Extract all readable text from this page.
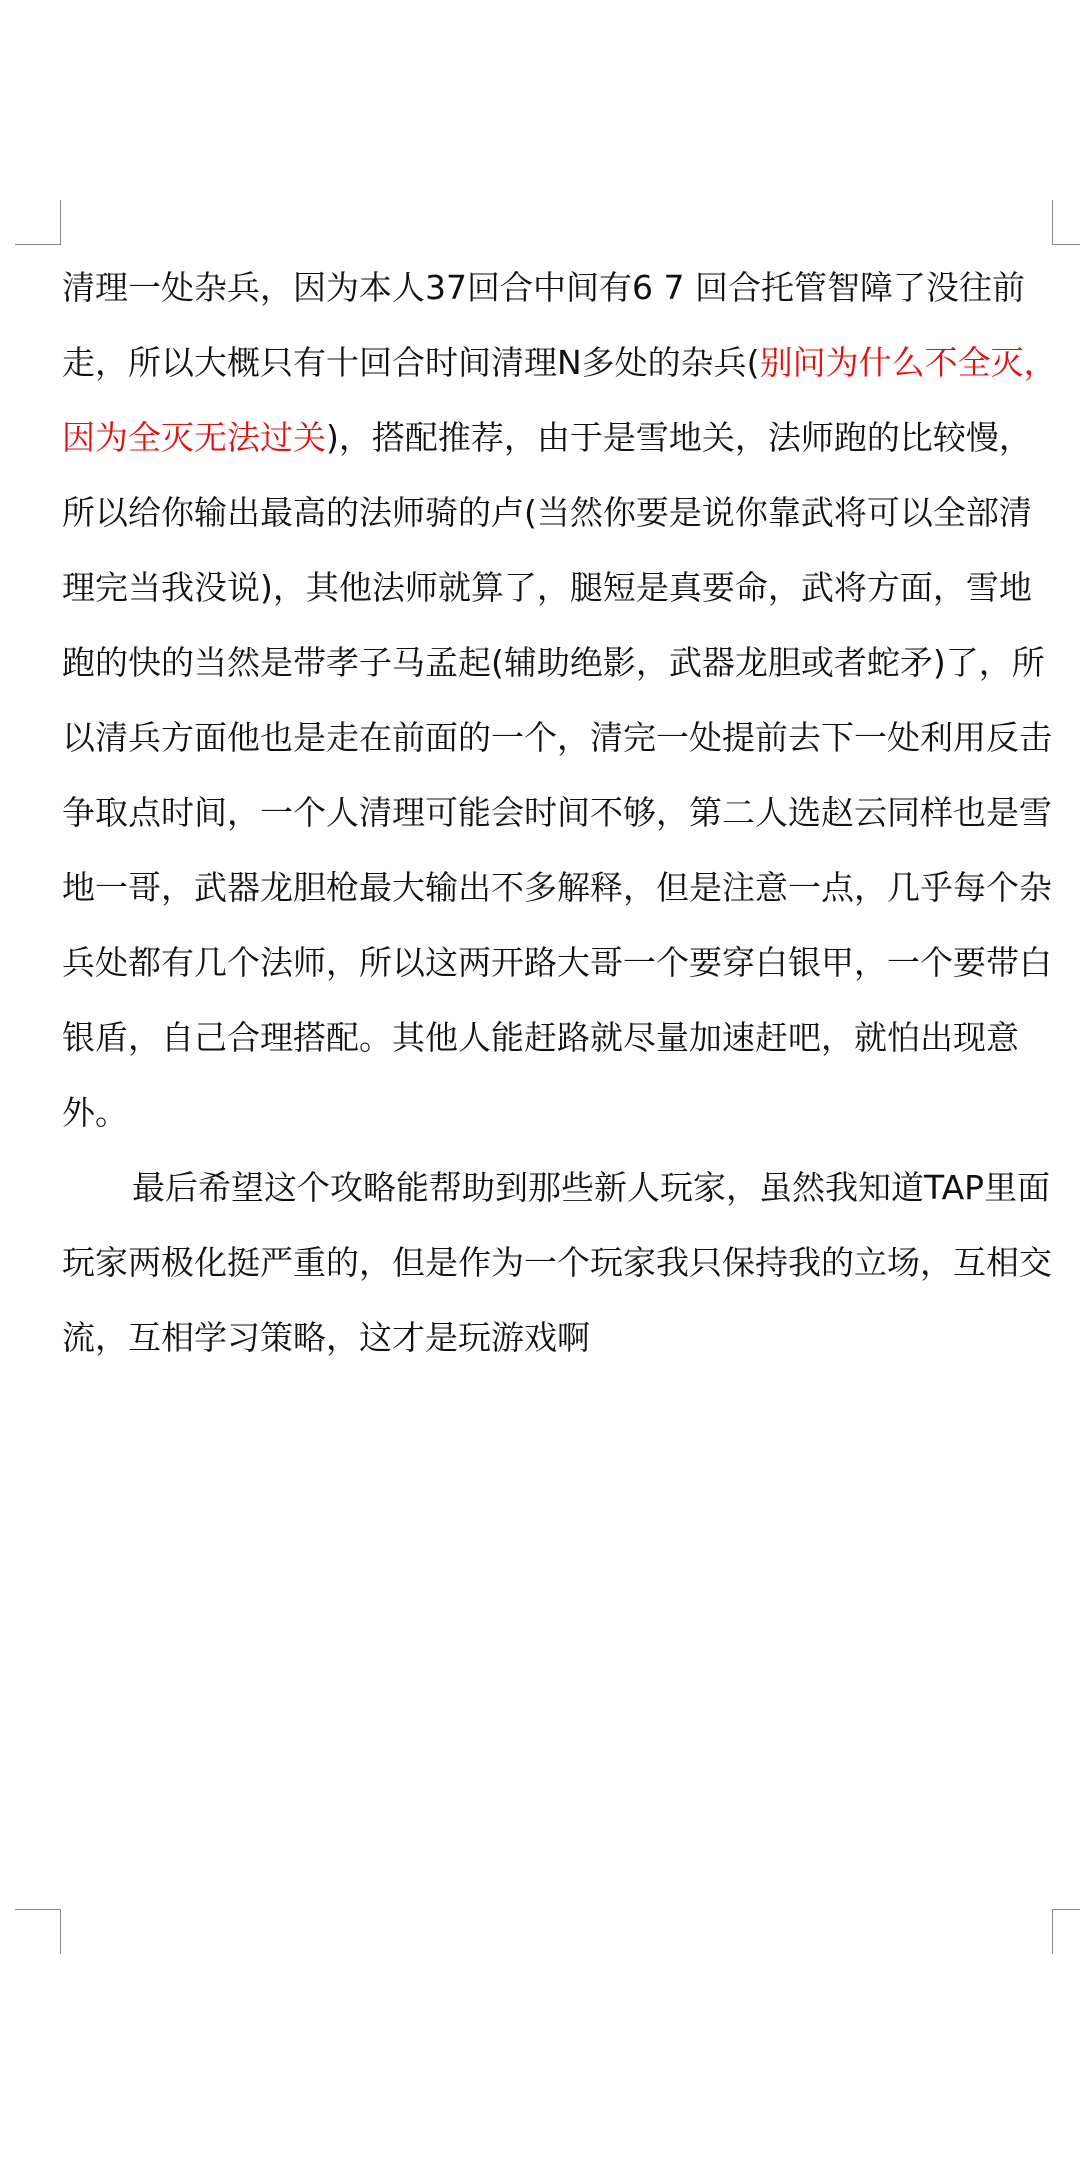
清理一处杂兵，因为本人37回合中间有6 7 回合托管智障了没往前走，所以大概只有十回合时间清理N多处的杂兵(别问为什么不全灭，因为全灭无法过关)，搭配推荐，由于是雪地关，法师跑的比较慢，所以给你输出最高的法师骑的卢(当然你要是说你靠武将可以全部清理完当我没说)，其他法师就算了，腿短是真要命，武将方面，雪地跑的快的当然是带孝子马孟起(辅助绝影，武器龙胆或者蛇矛)了，所以清兵方面他也是走在前面的一个，清完一处提前去下一处利用反击争取点时间，一个人清理可能会时间不够，第二人选赵云同样也是雪地一哥，武器龙胆枪最大输出不多解释，但是注意一点，几乎每个杂兵处都有几个法师，所以这两开路大哥一个要穿白银甲，一个要带白银盾，自己合理搭配。其他人能赶路就尽量加速赶吧，就怕出现意外。

最后希望这个攻略能帮助到那些新人玩家，虽然我知道TAP里面玩家两极化挺严重的，但是作为一个玩家我只保持我的立场，互相交流，互相学习策略，这才是玩游戏啊
